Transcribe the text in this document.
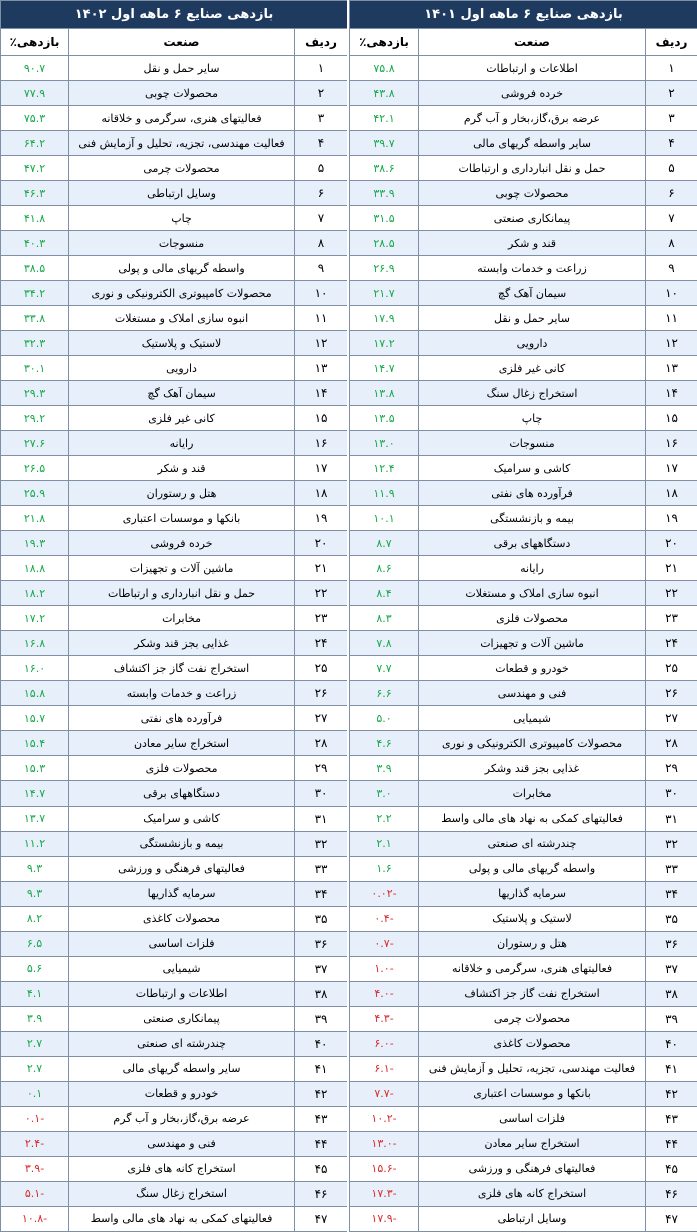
بازدهی صنایع ۶ ماهه اول ۱۴۰۲		
ردیف	صنعت	بازدهی٪
۱	سایر حمل و نقل	۹۰.۷
۲	محصولات چوبی	۷۷.۹
۳	فعالیتهای هنری، سرگرمی و خلاقانه	۷۵.۳
۴	فعالیت مهندسی، تجزیه، تحلیل و آزمایش فنی	۶۴.۲
۵	محصولات چرمی	۴۷.۲
۶	وسایل ارتباطی	۴۶.۳
۷	چاپ	۴۱.۸
۸	منسوجات	۴۰.۳
۹	واسطه گریهای مالی و پولی	۳۸.۵
۱۰	محصولات کامپیوتری الکترونیکی و نوری	۳۴.۲
۱۱	انبوه سازی املاک و مستغلات	۳۳.۸
۱۲	لاستیک و پلاستیک	۳۲.۳
۱۳	دارویی	۳۰.۱
۱۴	سیمان آهک گچ	۲۹.۳
۱۵	کانی غیر فلزی	۲۹.۲
۱۶	رایانه	۲۷.۶
۱۷	قند و شکر	۲۶.۵
۱۸	هتل و رستوران	۲۵.۹
۱۹	بانکها و موسسات اعتباری	۲۱.۸
۲۰	خرده فروشی	۱۹.۳
۲۱	ماشین آلات و تجهیزات	۱۸.۸
۲۲	حمل و نقل انبارداری و ارتباطات	۱۸.۲
۲۳	مخابرات	۱۷.۲
۲۴	غذایی بجز قند وشکر	۱۶.۸
۲۵	استخراج نفت گاز جز اکتشاف	۱۶.۰
۲۶	زراعت و خدمات وابسته	۱۵.۸
۲۷	فرآورده های نفتی	۱۵.۷
۲۸	استخراج سایر معادن	۱۵.۴
۲۹	محصولات فلزی	۱۵.۳
۳۰	دستگاههای برقی	۱۴.۷
۳۱	کاشی و سرامیک	۱۳.۷
۳۲	بیمه و بازنشستگی	۱۱.۲
۳۳	فعالیتهای فرهنگی و ورزشی	۹.۳
۳۴	سرمایه گذاریها	۹.۳
۳۵	محصولات کاغذی	۸.۲
۳۶	فلزات اساسی	۶.۵
۳۷	شیمیایی	۵.۶
۳۸	اطلاعات و ارتباطات	۴.۱
۳۹	پیمانکاری صنعتی	۳.۹
۴۰	چندرشته ای صنعتی	۲.۷
۴۱	سایر واسطه گریهای مالی	۲.۷
۴۲	خودرو و قطعات	۰.۱
۴۳	عرضه برق،گاز،بخار و آب گرم	-۰.۱
۴۴	فنی و مهندسی	-۲.۴
۴۵	استخراج کانه های فلزی	-۳.۹
۴۶	استخراج زغال سنگ	-۵.۱
۴۷	فعالیتهای کمکی به نهاد های مالی واسط	-۱۰.۸
بازدهی صنایع ۶ ماهه اول ۱۴۰۱		
ردیف	صنعت	بازدهی٪
۱	اطلاعات و ارتباطات	۷۵.۸
۲	خرده فروشی	۴۳.۸
۳	عرضه برق،گاز،بخار و آب گرم	۴۲.۱
۴	سایر واسطه گریهای مالی	۳۹.۷
۵	حمل و نقل انبارداری و ارتباطات	۳۸.۶
۶	محصولات چوبی	۳۳.۹
۷	پیمانکاری صنعتی	۳۱.۵
۸	قند و شکر	۲۸.۵
۹	زراعت و خدمات وابسته	۲۶.۹
۱۰	سیمان آهک گچ	۲۱.۷
۱۱	سایر حمل و نقل	۱۷.۹
۱۲	دارویی	۱۷.۲
۱۳	کانی غیر فلزی	۱۴.۷
۱۴	استخراج زغال سنگ	۱۳.۸
۱۵	چاپ	۱۳.۵
۱۶	منسوجات	۱۳.۰
۱۷	کاشی و سرامیک	۱۲.۴
۱۸	فرآورده های نفتی	۱۱.۹
۱۹	بیمه و بازنشستگی	۱۰.۱
۲۰	دستگاههای برقی	۸.۷
۲۱	رایانه	۸.۶
۲۲	انبوه سازی املاک و مستغلات	۸.۴
۲۳	محصولات فلزی	۸.۳
۲۴	ماشین آلات و تجهیزات	۷.۸
۲۵	خودرو و قطعات	۷.۷
۲۶	فنی و مهندسی	۶.۶
۲۷	شیمیایی	۵.۰
۲۸	محصولات کامپیوتری الکترونیکی و نوری	۴.۶
۲۹	غذایی بجز قند وشکر	۳.۹
۳۰	مخابرات	۳.۰
۳۱	فعالیتهای کمکی به نهاد های مالی واسط	۲.۲
۳۲	چندرشته ای صنعتی	۲.۱
۳۳	واسطه گریهای مالی و پولی	۱.۶
۳۴	سرمایه گذاریها	-۰.۰۲
۳۵	لاستیک و پلاستیک	-۰.۴
۳۶	هتل و رستوران	-۰.۷
۳۷	فعالیتهای هنری، سرگرمی و خلاقانه	-۱.۰
۳۸	استخراج نفت گاز جز اکتشاف	-۴.۰
۳۹	محصولات چرمی	-۴.۳
۴۰	محصولات کاغذی	-۶.۰
۴۱	فعالیت مهندسی، تجزیه، تحلیل و آزمایش فنی	-۶.۱
۴۲	بانکها و موسسات اعتباری	-۷.۷
۴۳	فلزات اساسی	-۱۰.۲
۴۴	استخراج سایر معادن	-۱۳.۰
۴۵	فعالیتهای فرهنگی و ورزشی	-۱۵.۶
۴۶	استخراج کانه های فلزی	-۱۷.۳
۴۷	وسایل ارتباطی	-۱۷.۹
